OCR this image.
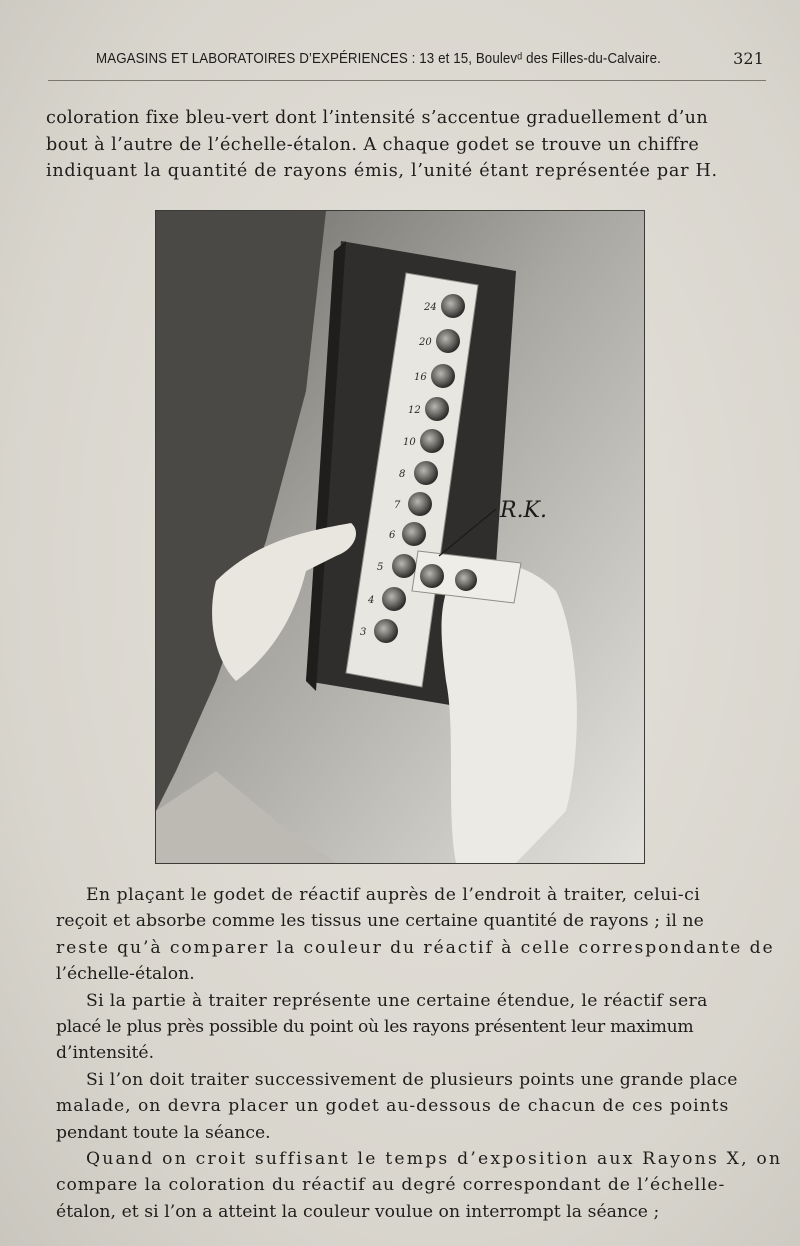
MAGASINS ET LABORATOIRES D’EXPÉRIENCES : 13 et 15, Boulevᵈ des Filles-du-Calvaire.	321
coloration fixe bleu-vert dont l’intensité s’accentue graduellement d’un
bout à l’autre de l’échelle-étalon. A chaque godet se trouve un chiffre
indiquant la quantité de rayons émis, l’unité étant représentée par H.
24
20
16
12
10
8
7
6
5
4
3
R.K.

En plaçant le godet de réactif auprès de l’endroit à traiter, celui-ci
reçoit et absorbe comme les tissus une certaine quantité de rayons ; il ne
reste qu’à comparer la couleur du réactif à celle correspondante de
l’échelle-étalon.

Si la partie à traiter représente une certaine étendue, le réactif sera
placé le plus près possible du point où les rayons présentent leur maximum
d’intensité.

Si l’on doit traiter successivement de plusieurs points une grande place
malade, on devra placer un godet au-dessous de chacun de ces points
pendant toute la séance.

Quand on croit suffisant le temps d’exposition aux Rayons X, on
compare la coloration du réactif au degré correspondant de l’échelle-
étalon, et si l’on a atteint la couleur voulue on interrompt la séance ;
